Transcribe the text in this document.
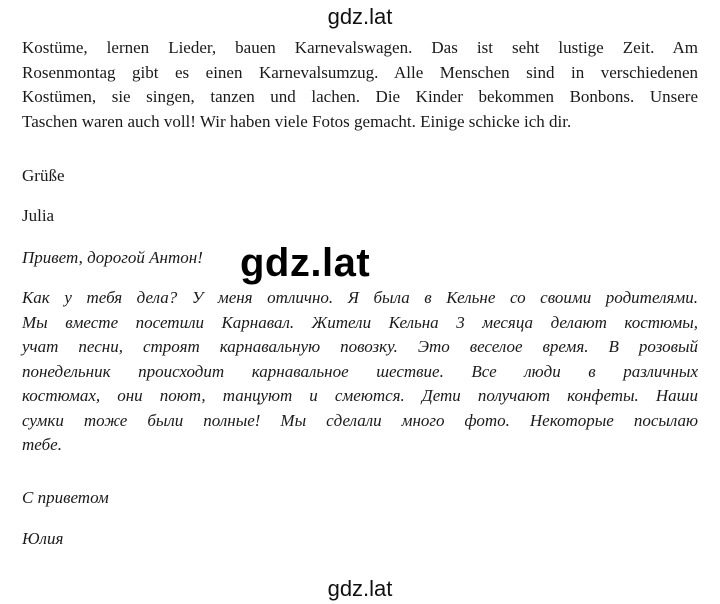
gdz.lat
Kostüme, lernen Lieder, bauen Karnevalswagen. Das ist seht lustige Zeit. Am
Rosenmontag gibt es einen Karnevalsumzug. Alle Menschen sind in verschiedenen
Kostümen, sie singen, tanzen und lachen. Die Kinder bekommen Bonbons. Unsere
Taschen waren auch voll! Wir haben viele Fotos gemacht. Einige schicke ich dir.
Grüße
Julia
Привет, дорогой Антон! gdz.lat
Как у тебя дела? У меня отлично. Я была в Кельне со своими родителями.
Мы вместе посетили Карнавал. Жители Кельна 3 месяца делают костюмы,
учат песни, строят карнавальную повозку. Это веселое время. В розовый
понедельник происходит карнавальное шествие. Все люди в различных
костюмах, они поют, танцуют и смеются. Дети получают конфеты. Наши
сумки тоже были полные! Мы сделали много фото. Некоторые посылаю
тебе.
С приветом
Юлия
gdz.lat
